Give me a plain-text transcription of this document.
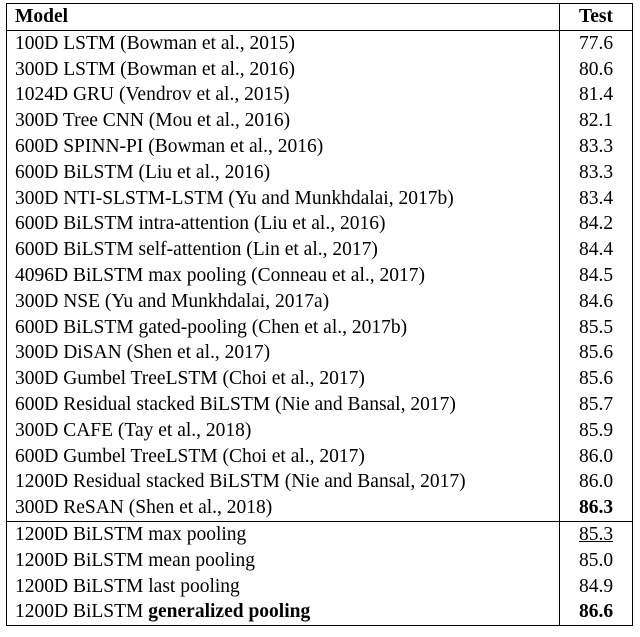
Model	Test
100D LSTM (Bowman et al., 2015)	77.6
300D LSTM (Bowman et al., 2016)	80.6
1024D GRU (Vendrov et al., 2015)	81.4
300D Tree CNN (Mou et al., 2016)	82.1
600D SPINN-PI (Bowman et al., 2016)	83.3
600D BiLSTM (Liu et al., 2016)	83.3
300D NTI-SLSTM-LSTM (Yu and Munkhdalai, 2017b)	83.4
600D BiLSTM intra-attention (Liu et al., 2016)	84.2
600D BiLSTM self-attention (Lin et al., 2017)	84.4
4096D BiLSTM max pooling (Conneau et al., 2017)	84.5
300D NSE (Yu and Munkhdalai, 2017a)	84.6
600D BiLSTM gated-pooling (Chen et al., 2017b)	85.5
300D DiSAN (Shen et al., 2017)	85.6
300D Gumbel TreeLSTM (Choi et al., 2017)	85.6
600D Residual stacked BiLSTM (Nie and Bansal, 2017)	85.7
300D CAFE (Tay et al., 2018)	85.9
600D Gumbel TreeLSTM (Choi et al., 2017)	86.0
1200D Residual stacked BiLSTM (Nie and Bansal, 2017)	86.0
300D ReSAN (Shen et al., 2018)	86.3
1200D BiLSTM max pooling	85.3
1200D BiLSTM mean pooling	85.0
1200D BiLSTM last pooling	84.9
1200D BiLSTM generalized pooling	86.6
